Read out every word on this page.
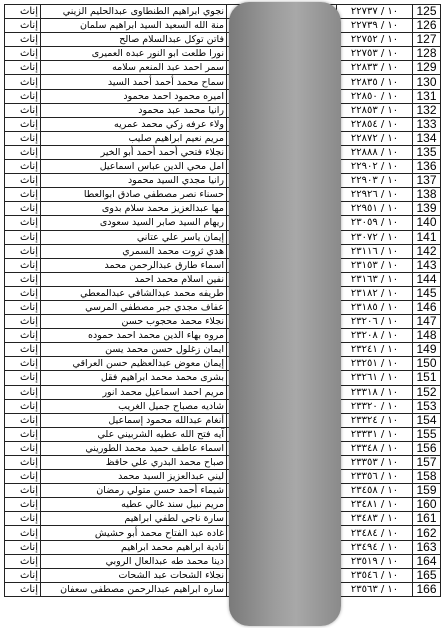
إناث	نجوي ابراهيم الطنطاوى عبدالحليم الزيني		١٠ / ٢٢٧٣٧	125
إناث	منة الله السعيد السيد ابراهيم سلمان		١٠ / ٢٢٧٣٩	126
إناث	فاتن توكل عبدالسلام صالح		١٠ / ٢٢٧٥٢	127
إناث	نورا طلعت ابو النور عبده العميرى		١٠ / ٢٢٧٥٣	128
إناث	سمر احمد عبد المنعم سلامه		١٠ / ٢٢٨٣٣	129
إناث	سماح محمد أحمد أحمد السيد		١٠ / ٢٢٨٣٥	130
إناث	اميره محمود احمد محمود		١٠ / ٢٢٨٥٠	131
إناث	رانيا محمد عبد محمود		١٠ / ٢٢٨٥٣	132
إناث	ولاء عرفه زكي محمد عمريه		١٠ / ٢٢٨٥٤	133
إناث	مريم نعيم ابراهيم صليب		١٠ / ٢٢٨٧٢	134
إناث	نجلاء فتحي أحمد أحمد أبو الخير		١٠ / ٢٢٨٨٨	135
إناث	امل محي الدين عباس اسماعيل		١٠ / ٢٢٩٠٢	136
إناث	رانيا مجدي السيد محمود		١٠ / ٢٢٩٠٣	137
إناث	حسناء نصر مصطفي صادق ابوالعطا		١٠ / ٢٢٩٢٦	138
إناث	مها عبدالعزيز محمد سلام بدوى		١٠ / ٢٢٩٥١	139
إناث	ريهام السيد صابر السيد سعودى		١٠ / ٢٣٠٥٩	140
إناث	إيمان ياسر علي عتاني		١٠ / ٢٣٠٧٢	141
إناث	هدي ثروت محمد السمري		١٠ / ٢٣١١٦	142
إناث	اسماء طارق عبدالرحمن محمد		١٠ / ٢٣١٥٣	143
إناث	نفين اسلام محمد احمد		١٠ / ٢٣١٦٣	144
إناث	طريفه محمد عبدالشافي عبدالمعطي		١٠ / ٢٣١٨٢	145
إناث	عفاف مجدي جبر مصطفي المرسي		١٠ / ٢٣١٨٥	146
إناث	نجلاء محمد محجوب حسن		١٠ / ٢٣٢٠٦	147
إناث	مروه بهاء الدين محمد احمد حموده		١٠ / ٢٣٢٠٨	148
إناث	ايمان زغلول حسن محمد يسن		١٠ / ٢٣٢٤١	149
إناث	إيمان معوض عبدالعظيم حسن العراقي		١٠ / ٢٣٢٥١	150
إناث	بشرى محمد محمد ابراهيم فقل		١٠ / ٢٣٢٦١	151
إناث	مريم احمد اسماعيل محمد انور		١٠ / ٢٣٣١٨	152
إناث	شاديه مصباح جميل الغريب		١٠ / ٢٣٣٢٠	153
إناث	أنغام عبدالله محمود إسماعيل		١٠ / ٢٣٣٢٤	154
إناث	آيه فتح الله عطيه الشربيني علي		١٠ / ٢٣٣٣١	155
إناث	اسماء عاطف حميد محمد الطوريني		١٠ / ٢٣٣٤٨	156
إناث	صباح محمد البدري علي حافظ		١٠ / ٢٣٣٥٣	157
إناث	ليني عبدالعزيز السيد محمد		١٠ / ٢٣٣٥٦	158
إناث	شيماء أحمد حسن متولي رمضان		١٠ / ٢٣٤٥٨	159
إناث	مريم نبيل سند غالي عطيه		١٠ / ٢٣٤٨١	160
إناث	سارة ناجي لطفي ابراهيم		١٠ / ٢٣٤٨٣	161
إناث	غاده عبد الفتاح محمد أبو حشيش		١٠ / ٢٣٤٨٤	162
إناث	نادية ابراهيم محمد ابراهيم		١٠ / ٢٣٤٩٤	163
إناث	دينا محمد طه عبدالعال الروبي		١٠ / ٢٣٥١٩	164
إناث	نجلاء الشحات عبد الشحات		١٠ / ٢٣٥٤٦	165
إناث	ساره ابراهيم عبدالرحمن مصطفى سعفان		١٠ / ٢٣٥٦٣	166
